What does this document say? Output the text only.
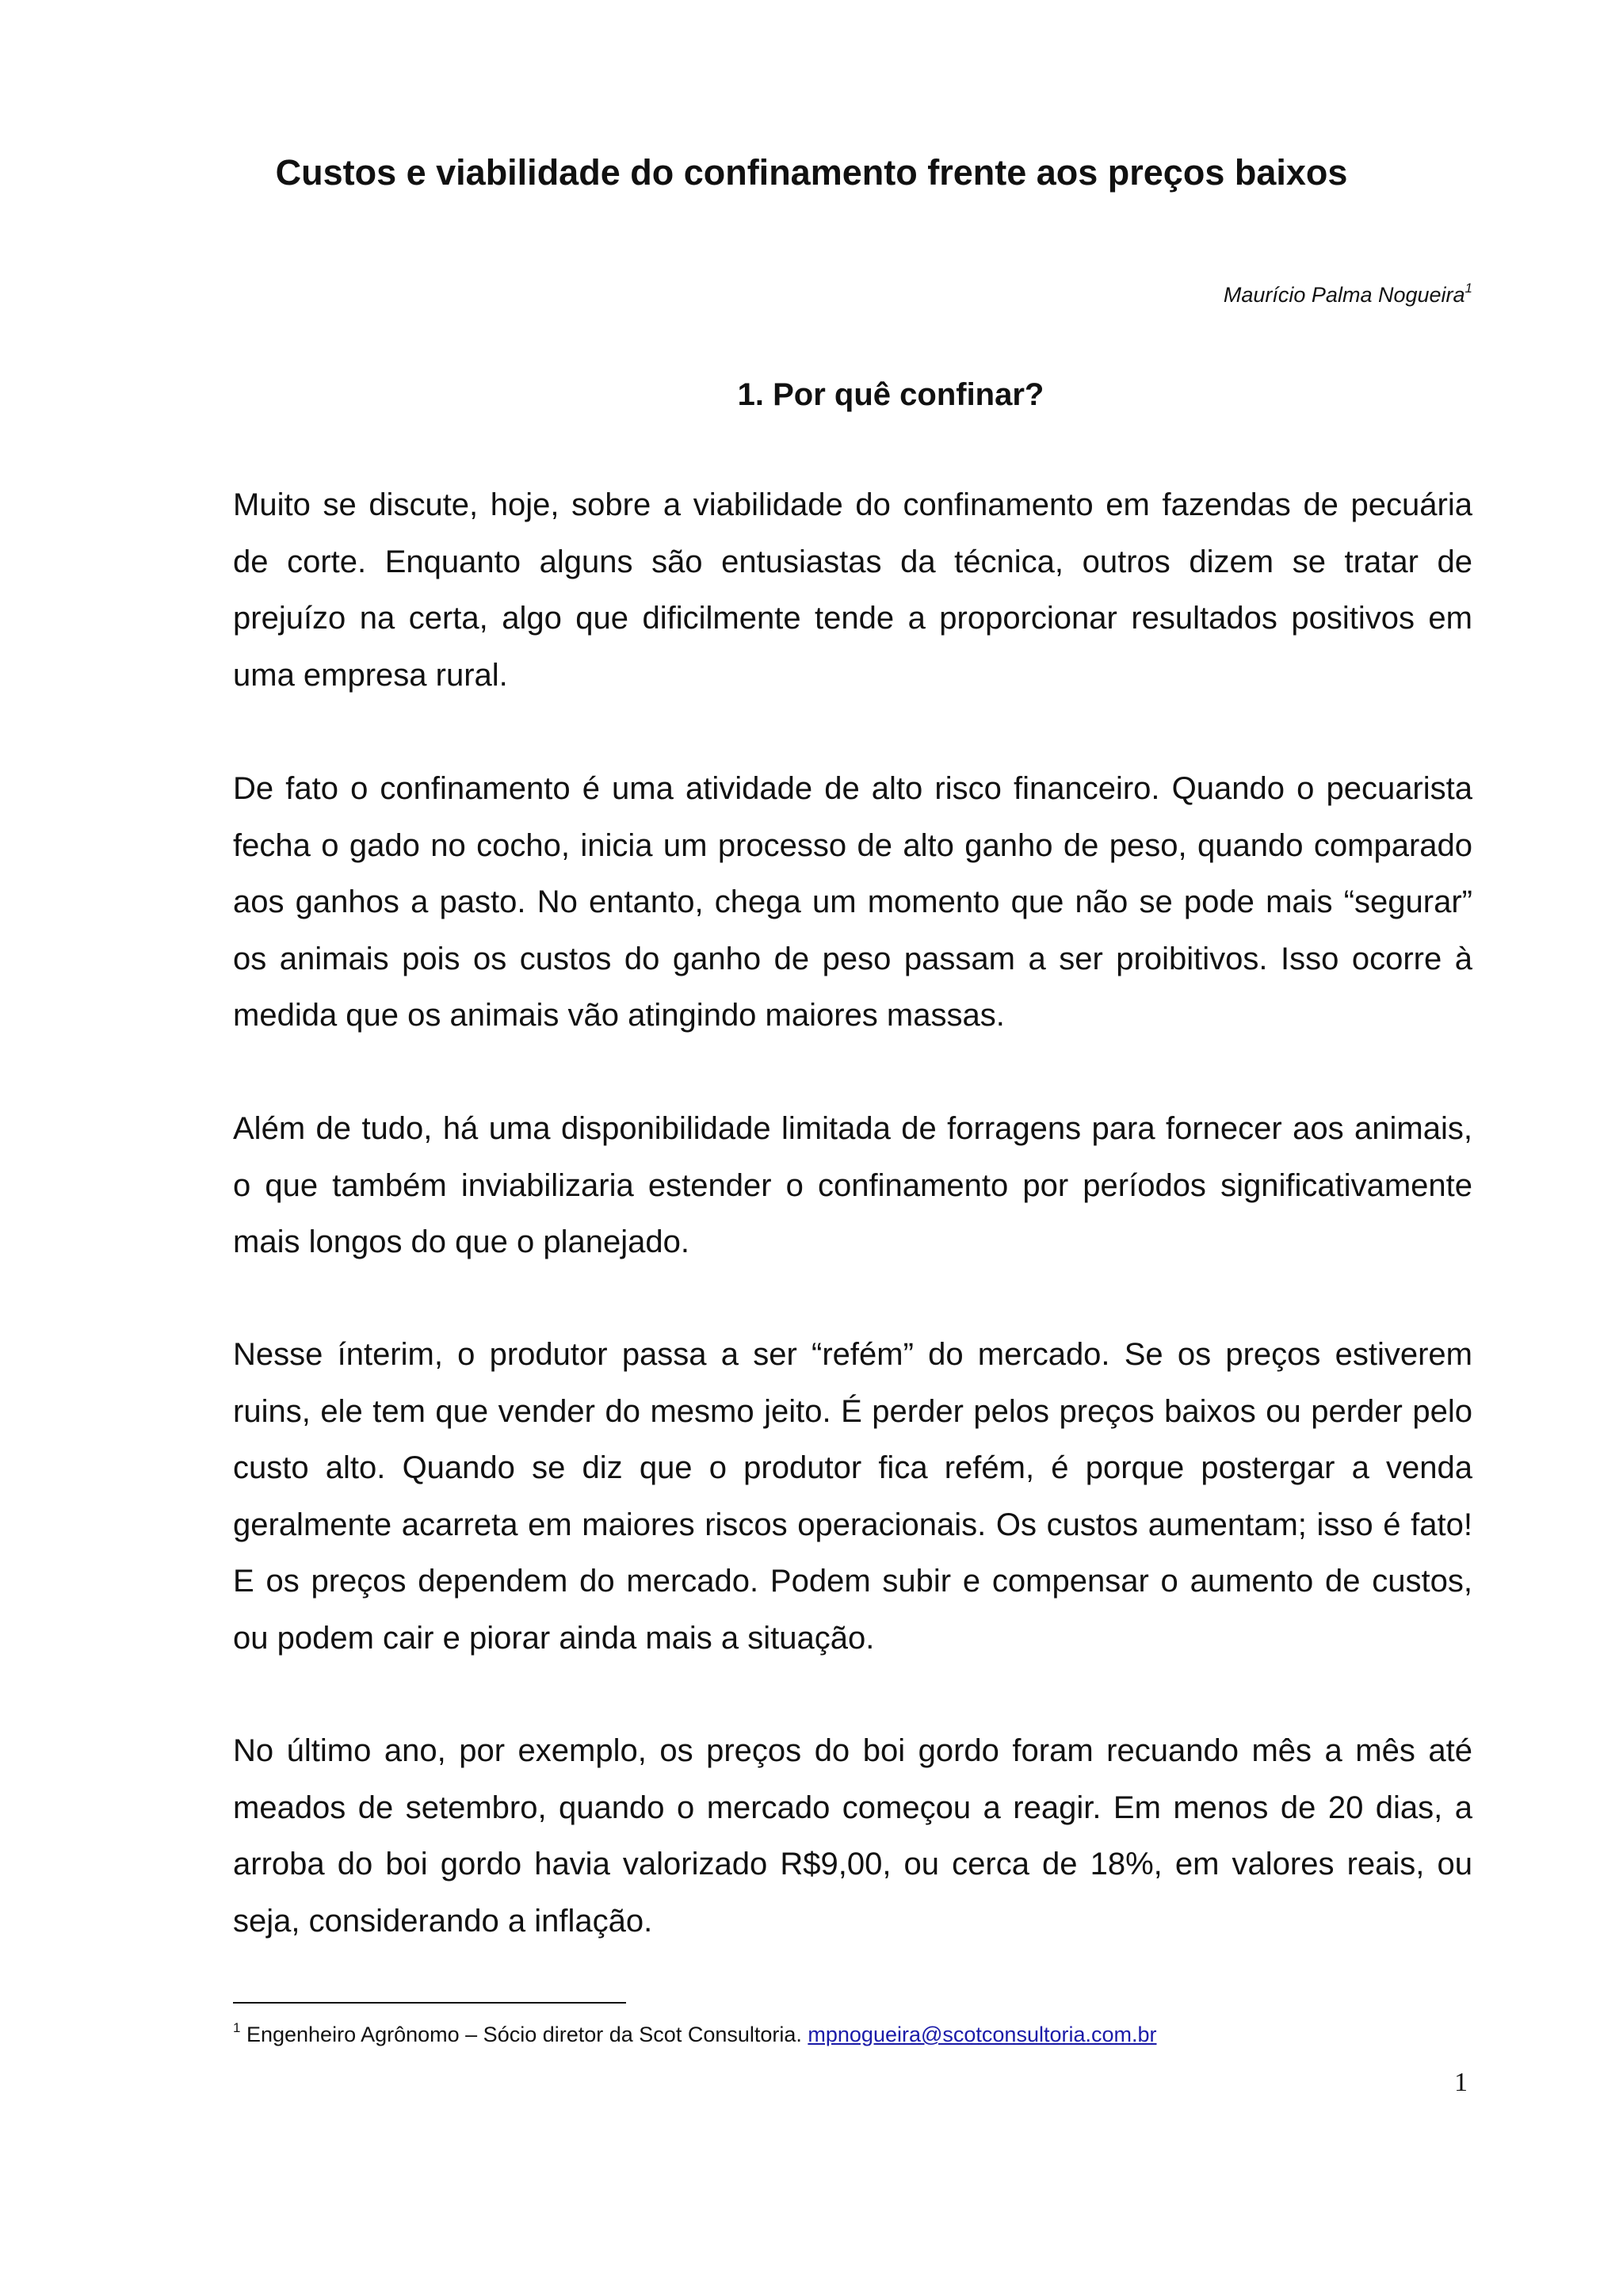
Custos e viabilidade do confinamento frente aos preços baixos
Maurício Palma Nogueira$^1$
1. Por quê confinar?

Muito se discute, hoje, sobre a viabilidade do confinamento em fazendas de pecuária de corte. Enquanto alguns são entusiastas da técnica, outros dizem se tratar de prejuízo na certa, algo que dificilmente tende a proporcionar resultados positivos em uma empresa rural.

De fato o confinamento é uma atividade de alto risco financeiro. Quando o pecuarista fecha o gado no cocho, inicia um processo de alto ganho de peso, quando comparado aos ganhos a pasto. No entanto, chega um momento que não se pode mais “segurar” os animais pois os custos do ganho de peso passam a ser proibitivos. Isso ocorre à medida que os animais vão atingindo maiores massas.

Além de tudo, há uma disponibilidade limitada de forragens para fornecer aos animais, o que também inviabilizaria estender o confinamento por períodos significativamente mais longos do que o planejado.

Nesse ínterim, o produtor passa a ser “refém” do mercado. Se os preços estiverem ruins, ele tem que vender do mesmo jeito. É perder pelos preços baixos ou perder pelo custo alto. Quando se diz que o produtor fica refém, é porque postergar a venda geralmente acarreta em maiores riscos operacionais. Os custos aumentam; isso é fato! E os preços dependem do mercado. Podem subir e compensar o aumento de custos, ou podem cair e piorar ainda mais a situação.

No último ano, por exemplo, os preços do boi gordo foram recuando mês a mês até meados de setembro, quando o mercado começou a reagir. Em menos de 20 dias, a arroba do boi gordo havia valorizado R$9,00, ou cerca de 18%, em valores reais, ou seja, considerando a inflação.

$^1$ Engenheiro Agrônomo – Sócio diretor da Scot Consultoria. mpnogueira@scotconsultoria.com.br
1
